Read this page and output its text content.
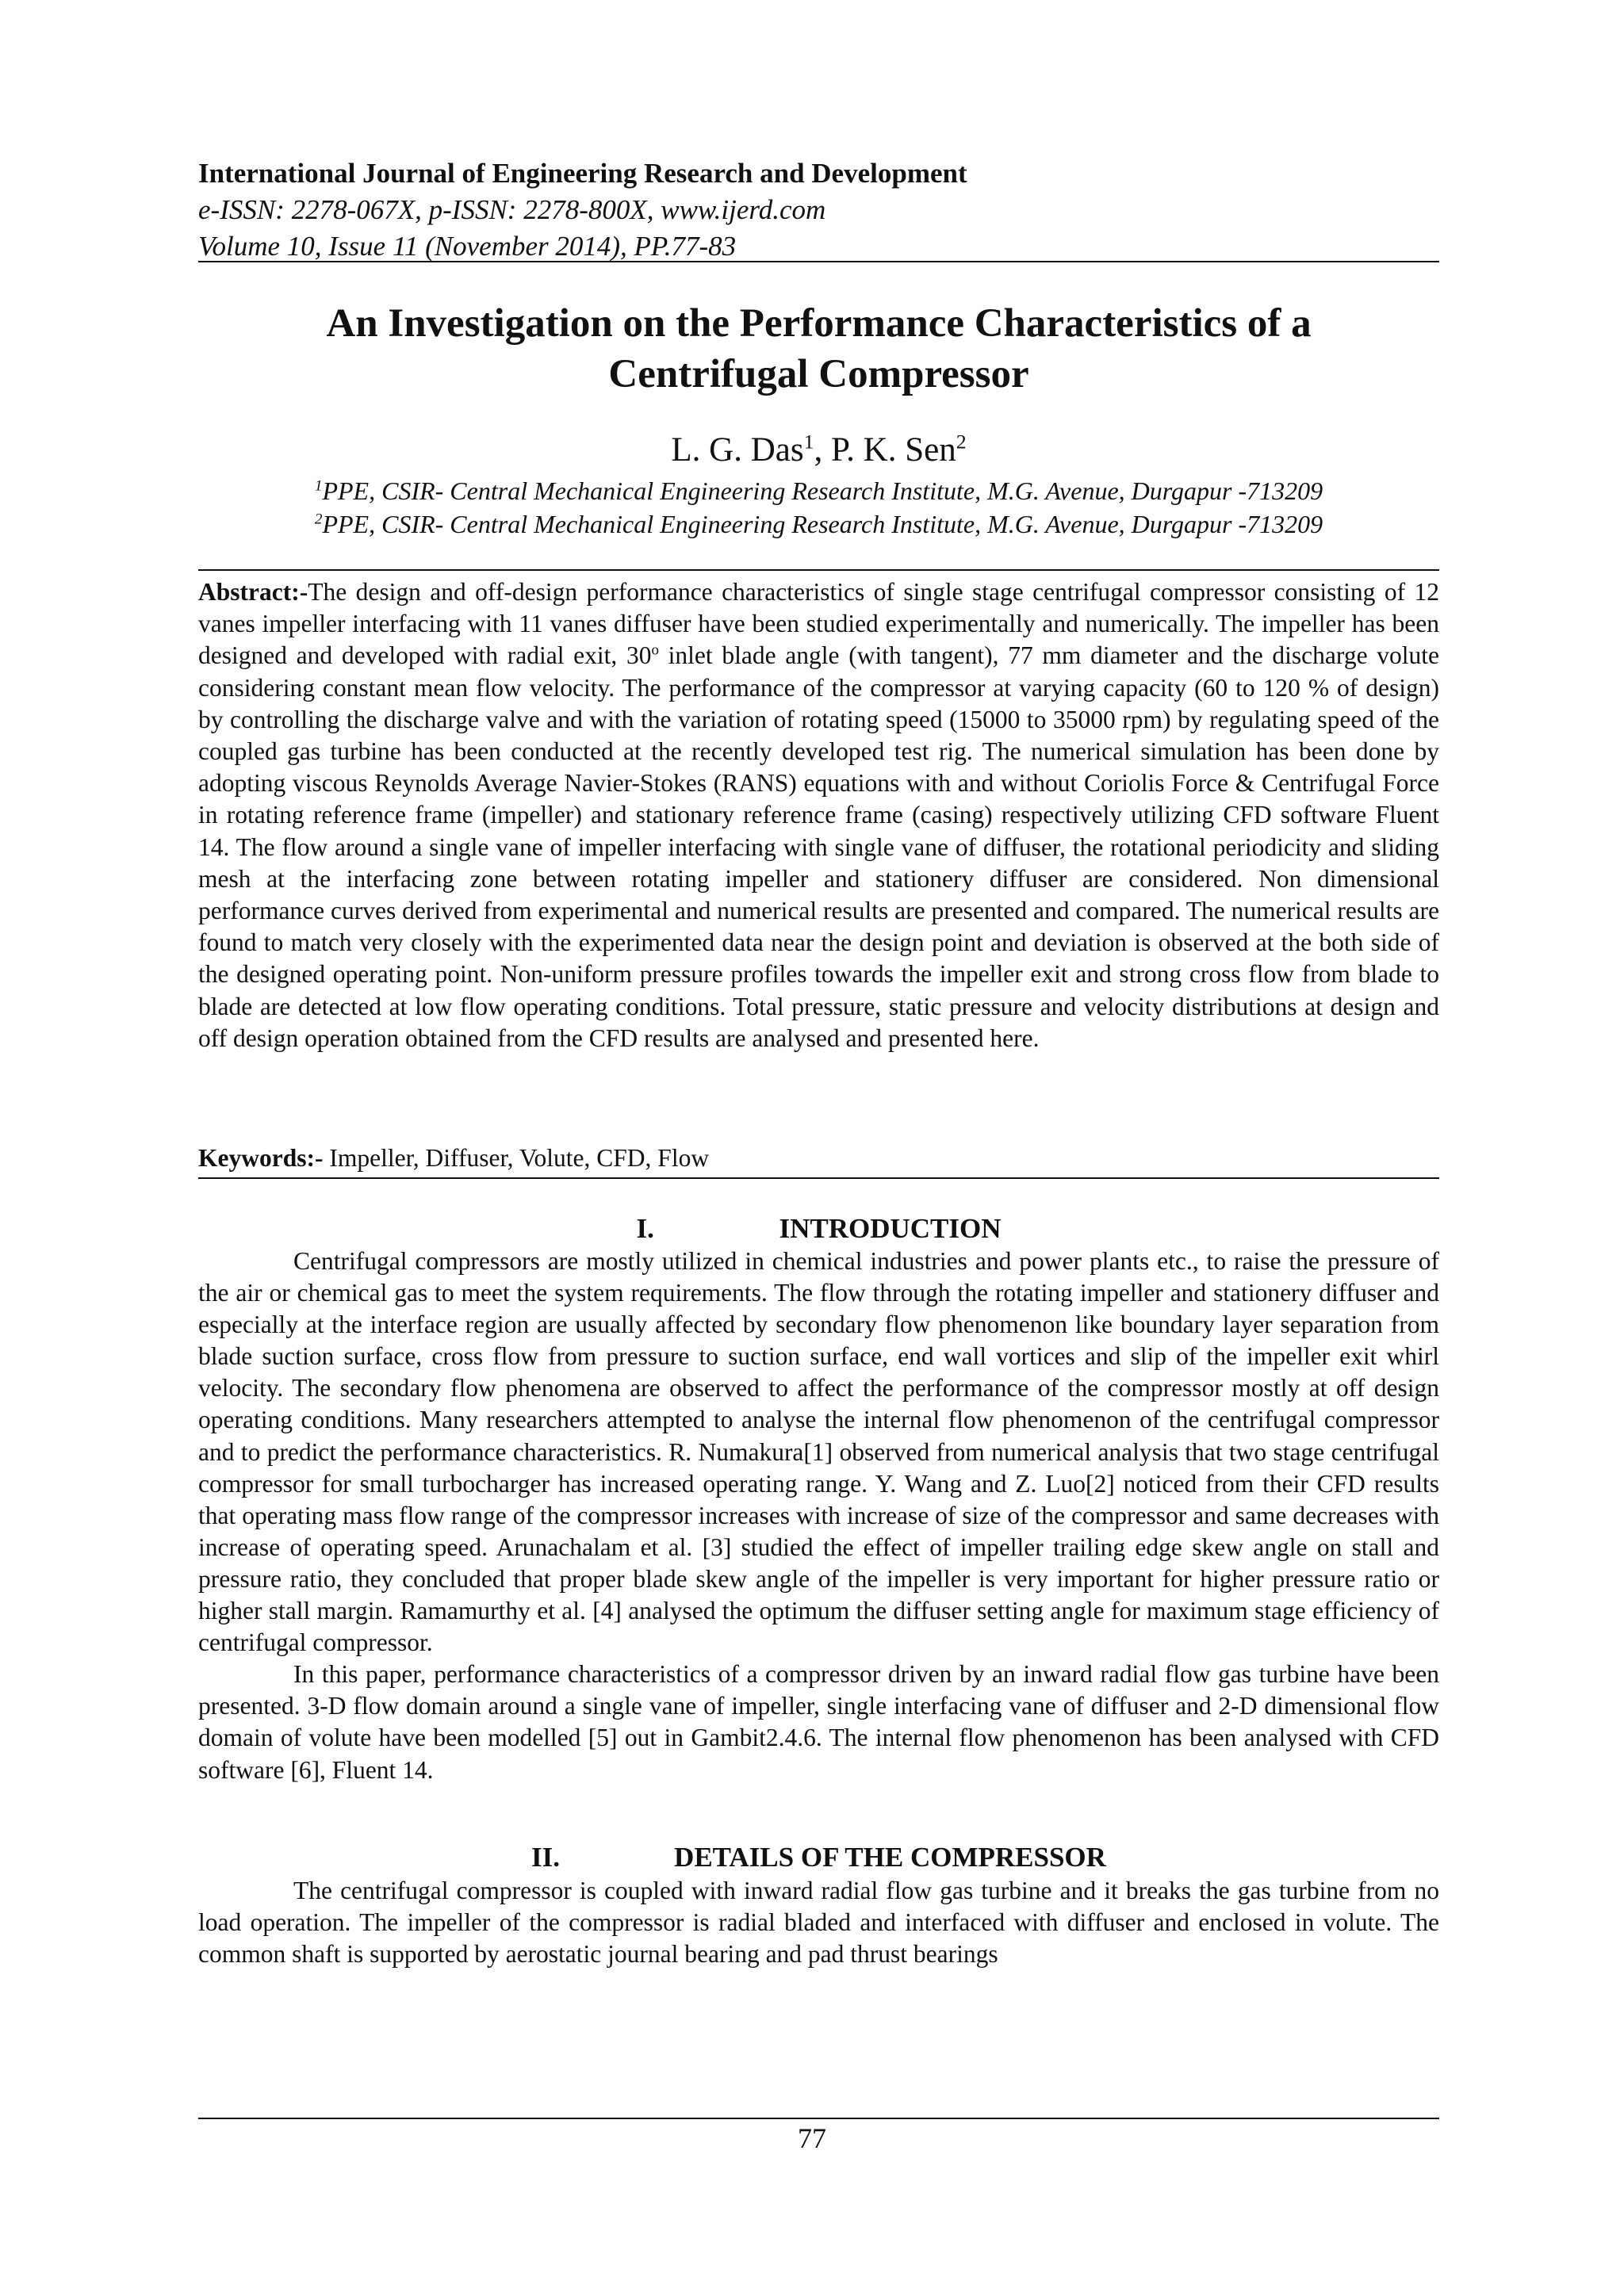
International Journal of Engineering Research and Development
e-ISSN: 2278-067X, p-ISSN: 2278-800X, www.ijerd.com
Volume 10, Issue 11 (November 2014), PP.77-83
An Investigation on the Performance Characteristics of a
Centrifugal Compressor
L. G. Das$^1$, P. K. Sen$^2$
$^1$PPE, CSIR- Central Mechanical Engineering Research Institute, M.G. Avenue, Durgapur -713209
$^2$PPE, CSIR- Central Mechanical Engineering Research Institute, M.G. Avenue, Durgapur -713209

Abstract:-The design and off-design performance characteristics of single stage centrifugal compressor consisting of 12 vanes impeller interfacing with 11 vanes diffuser have been studied experimentally and numerically. The impeller has been designed and developed with radial exit, 30$^o$ inlet blade angle (with tangent), 77 mm diameter and the discharge volute considering constant mean flow velocity. The performance of the compressor at varying capacity (60 to 120 % of design) by controlling the discharge valve and with the variation of rotating speed (15000 to 35000 rpm) by regulating speed of the coupled gas turbine has been conducted at the recently developed test rig. The numerical simulation has been done by adopting viscous Reynolds Average Navier-Stokes (RANS) equations with and without Coriolis Force & Centrifugal Force in rotating reference frame (impeller) and stationary reference frame (casing) respectively utilizing CFD software Fluent 14. The flow around a single vane of impeller interfacing with single vane of diffuser, the rotational periodicity and sliding mesh at the interfacing zone between rotating impeller and stationery diffuser are considered. Non dimensional performance curves derived from experimental and numerical results are presented and compared. The numerical results are found to match very closely with the experimented data near the design point and deviation is observed at the both side of the designed operating point. Non-uniform pressure profiles towards the impeller exit and strong cross flow from blade to blade are detected at low flow operating conditions. Total pressure, static pressure and velocity distributions at design and off design operation obtained from the CFD results are analysed and presented here.

Keywords:- Impeller, Diffuser, Volute, CFD, Flow
I.	INTRODUCTION

Centrifugal compressors are mostly utilized in chemical industries and power plants etc., to raise the pressure of the air or chemical gas to meet the system requirements. The flow through the rotating impeller and stationery diffuser and especially at the interface region are usually affected by secondary flow phenomenon like boundary layer separation from blade suction surface, cross flow from pressure to suction surface, end wall vortices and slip of the impeller exit whirl velocity. The secondary flow phenomena are observed to affect the performance of the compressor mostly at off design operating conditions. Many researchers attempted to analyse the internal flow phenomenon of the centrifugal compressor and to predict the performance characteristics. R. Numakura[1] observed from numerical analysis that two stage centrifugal compressor for small turbocharger has increased operating range. Y. Wang and Z. Luo[2] noticed from their CFD results that operating mass flow range of the compressor increases with increase of size of the compressor and same decreases with increase of operating speed. Arunachalam et al. [3] studied the effect of impeller trailing edge skew angle on stall and pressure ratio, they concluded that proper blade skew angle of the impeller is very important for higher pressure ratio or higher stall margin. Ramamurthy et al. [4] analysed the optimum the diffuser setting angle for maximum stage efficiency of centrifugal compressor.

In this paper, performance characteristics of a compressor driven by an inward radial flow gas turbine have been presented. 3-D flow domain around a single vane of impeller, single interfacing vane of diffuser and 2-D dimensional flow domain of volute have been modelled [5] out in Gambit2.4.6. The internal flow phenomenon has been analysed with CFD software [6], Fluent 14.

II.	DETAILS OF THE COMPRESSOR

The centrifugal compressor is coupled with inward radial flow gas turbine and it breaks the gas turbine from no load operation. The impeller of the compressor is radial bladed and interfaced with diffuser and enclosed in volute. The common shaft is supported by aerostatic journal bearing and pad thrust bearings

77
